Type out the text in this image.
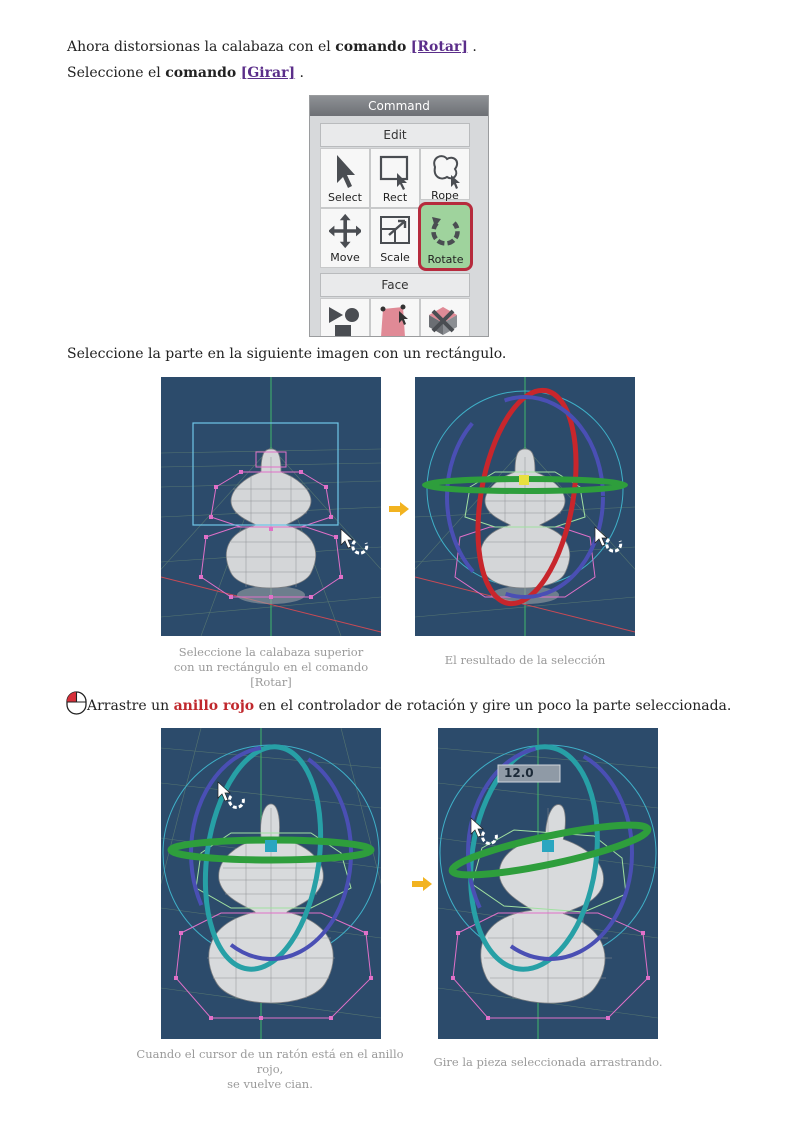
Ahora distorsionas la calabaza con el comando [Rotar] .
Seleccione el comando [Girar] .
Command
Edit
Select	Rect	Rope
Move	Scale	Rotate
Face
Seleccione la parte en la siguiente imagen con un rectángulo.
Seleccione la calabaza superior
con un rectángulo en el comando [Rotar]
El resultado de la selección
Arrastre un anillo rojo en el controlador de rotación y gire un poco la parte seleccionada.
12.0
Cuando el cursor de un ratón está en el anillo rojo,
se vuelve cian.
Gire la pieza seleccionada arrastrando.
